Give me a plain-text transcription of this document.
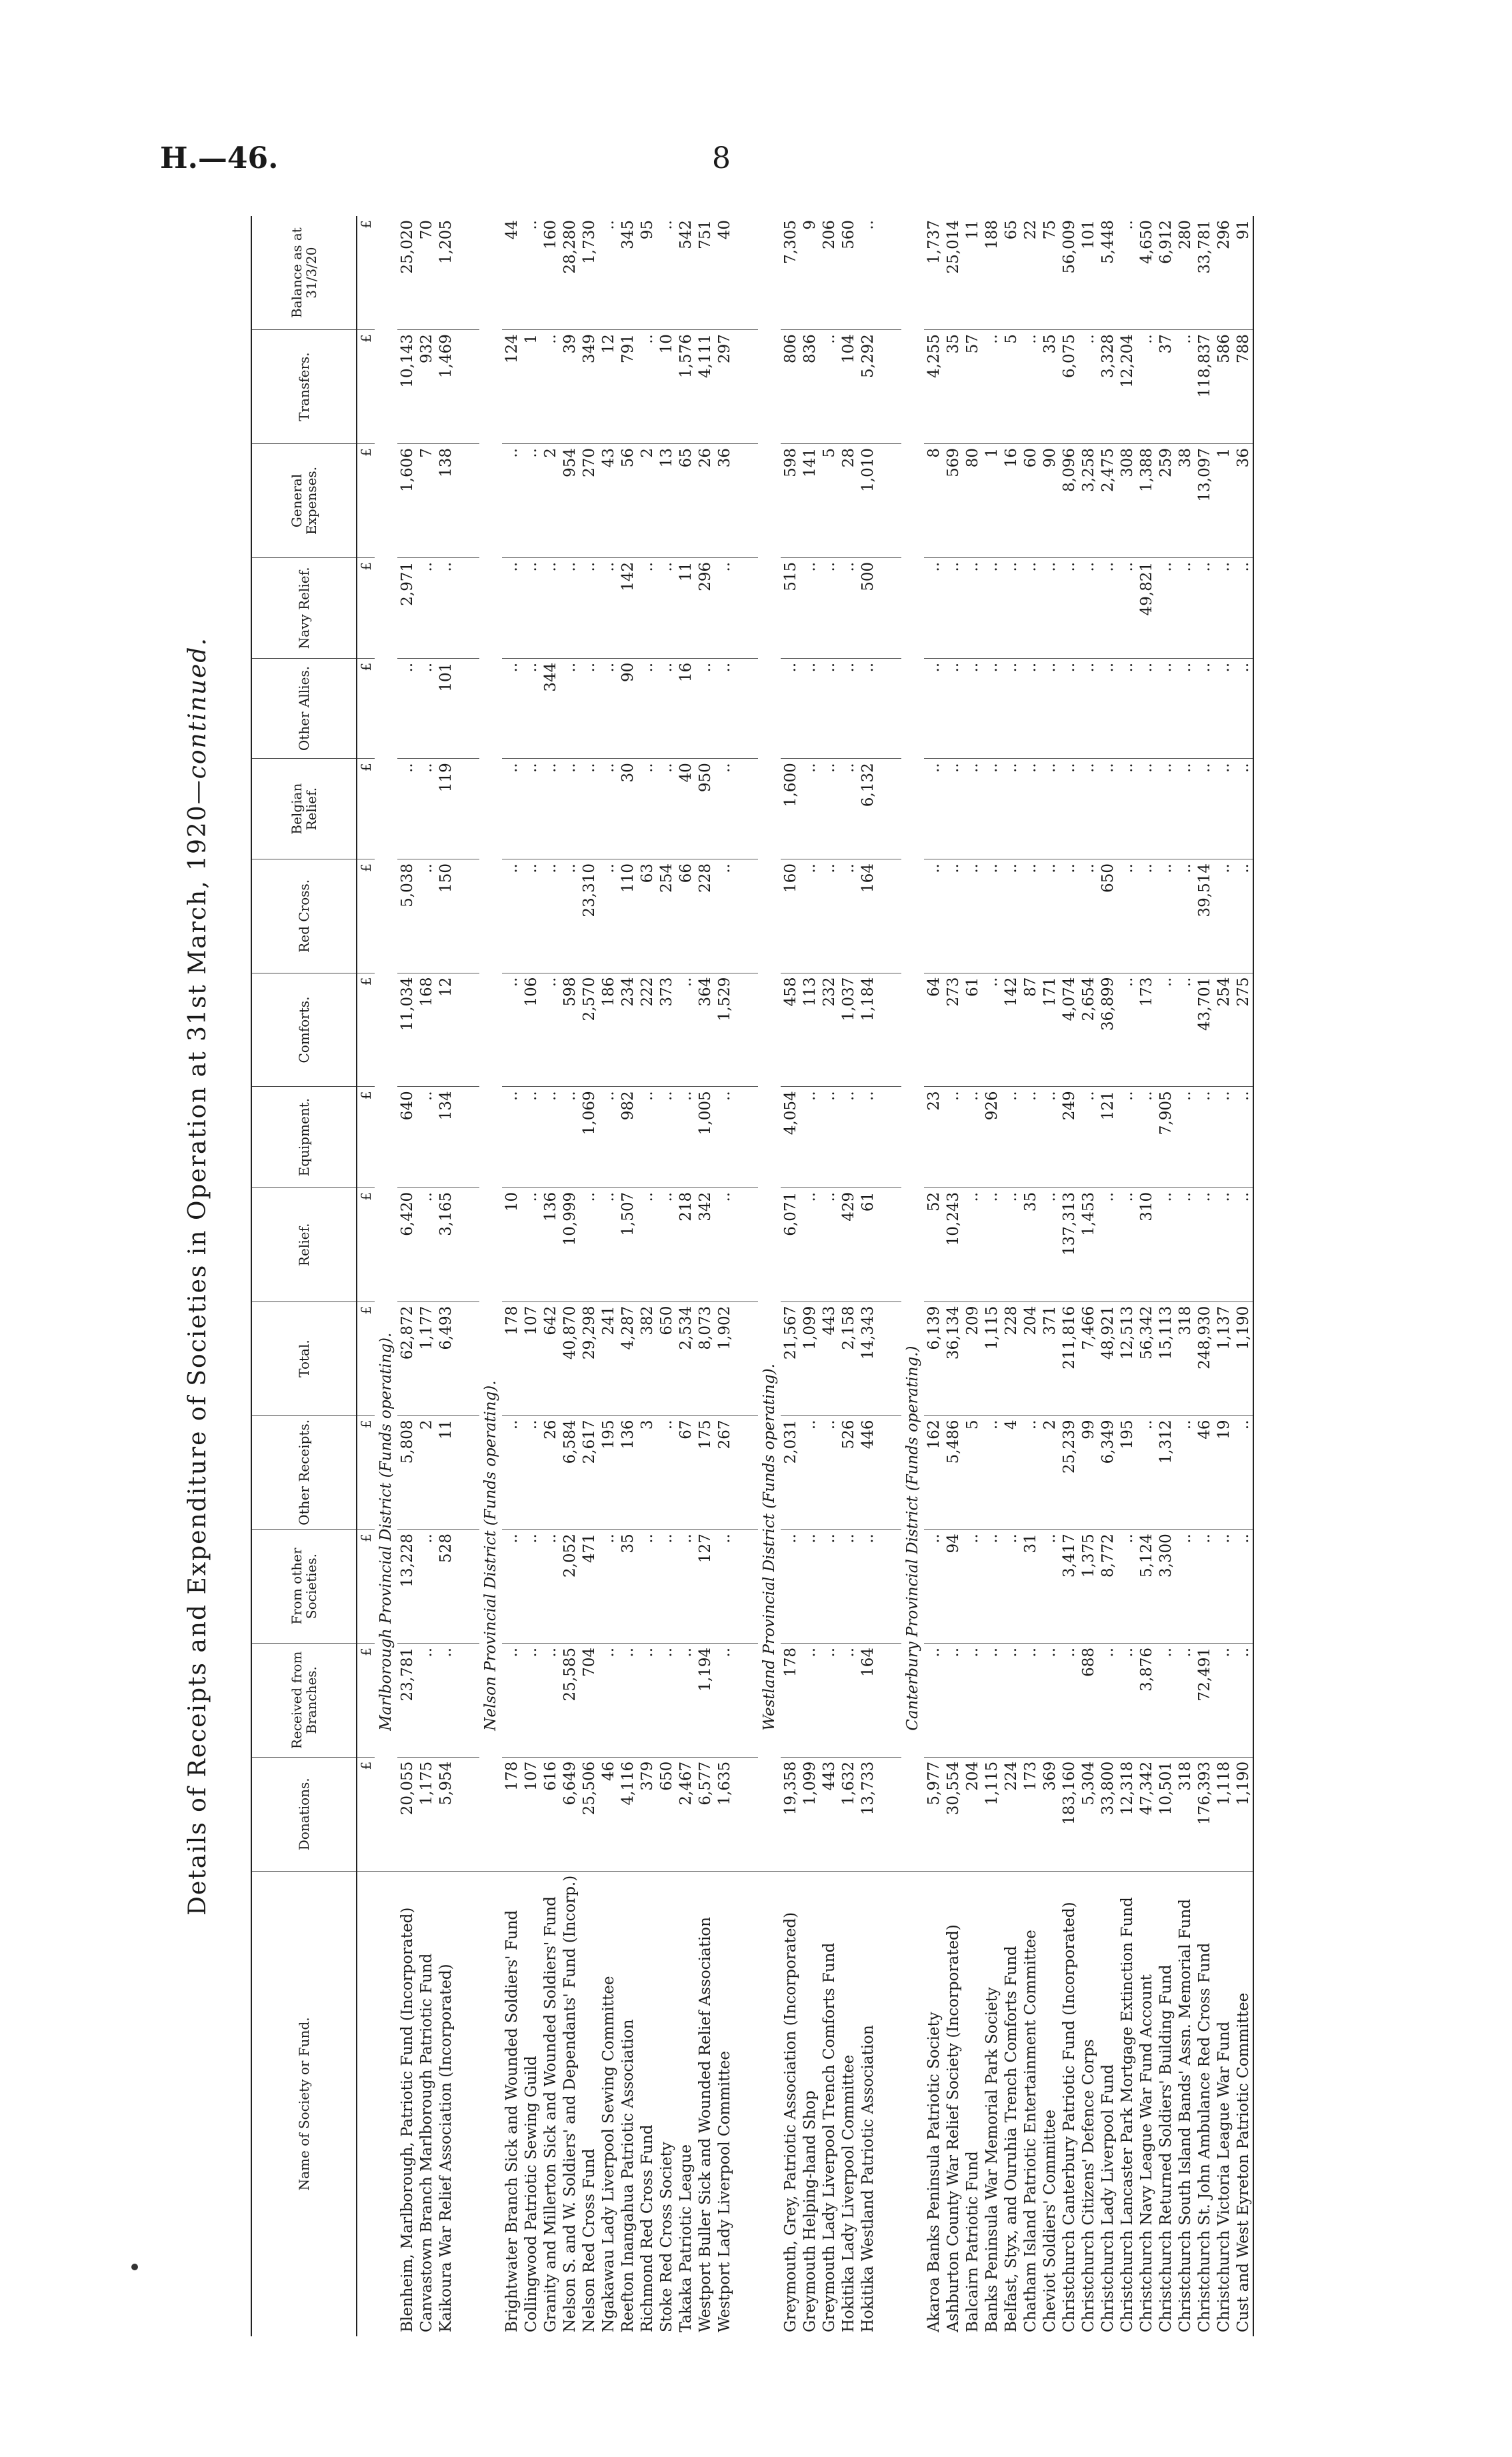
H.—46.	8
Details of Receipts and Expenditure of Societies in Operation at 31st March, 1920—continued.
Name of Society or Fund.	Donations.	Received from Branches.	From other Societies.	Other Receipts.	Total.	Relief.	Equipment.	Comforts.	Red Cross.	Belgian Relief.	Other Allies.	Navy Relief.	General Expenses.	Transfers.	Balance as at 31/3/20
	£	£	£	£	£	£	£	£	£	£	£	£	£	£	£
	Marlborough Provincial District (Funds operating).														
Blenheim, Marlborough, Patriotic Fund (Incorporated)	20,055	23,781	13,228	5,808	62,872	6,420	640	11,034	5,038	..	..	2,971	1,606	10,143	25,020
Canvastown Branch Marlborough Patriotic Fund	1,175	..	..	2	1,177	..	..	168	..	..	..	..	7	932	70
Kaikoura War Relief Association (Incorporated)	5,954	..	528	11	6,493	3,165	134	12	150	119	101	..	138	1,469	1,205

	Nelson Provincial District (Funds operating).														
Brightwater Branch Sick and Wounded Soldiers' Fund	178	..	..	..	178	10	..	..	..	..	..	..	..	124	44
Collingwood Patriotic Sewing Guild	107	..	..	..	107	..	..	106	..	..	..	..	..	1	..
Granity and Millerton Sick and Wounded Soldiers' Fund	616	..	..	26	642	136	..	..	..	..	344	..	2	..	160
Nelson S. and W. Soldiers' and Dependants' Fund (Incorp.)	6,649	25,585	2,052	6,584	40,870	10,999	..	598	..	..	..	..	954	39	28,280
Nelson Red Cross Fund	25,506	704	471	2,617	29,298	..	1,069	2,570	23,310	..	..	..	270	349	1,730
Ngakawau Lady Liverpool Sewing Committee	46	..	..	195	241	..	..	186	..	..	..	..	43	12	..
Reefton Inangahua Patriotic Association	4,116	..	35	136	4,287	1,507	982	234	110	30	90	142	56	791	345
Richmond Red Cross Fund	379	..	..	3	382	..	..	222	63	..	..	..	2	..	95
Stoke Red Cross Society	650	..	..	..	650	..	..	373	254	..	..	..	13	10	..
Takaka Patriotic League	2,467	..	..	67	2,534	218	..	..	66	40	16	11	65	1,576	542
Westport Buller Sick and Wounded Relief Association	6,577	1,194	127	175	8,073	342	1,005	364	228	950	..	296	26	4,111	751
Westport Lady Liverpool Committee	1,635	..	..	267	1,902	..	..	1,529	..	..	..	..	36	297	40

	Westland Provincial District (Funds operating).														
Greymouth, Grey, Patriotic Association (Incorporated)	19,358	178	..	2,031	21,567	6,071	4,054	458	160	1,600	..	515	598	806	7,305
Greymouth Helping-hand Shop	1,099	..	..	..	1,099	..	..	113	..	..	..	..	141	836	9
Greymouth Lady Liverpool Trench Comforts Fund	443	..	..	..	443	..	..	232	..	..	..	..	5	..	206
Hokitika Lady Liverpool Committee	1,632	..	..	526	2,158	429	..	1,037	..	..	..	..	28	104	560
Hokitika Westland Patriotic Association	13,733	164	..	446	14,343	61	..	1,184	164	6,132	..	500	1,010	5,292	..

	Canterbury Provincial District (Funds operating.)														
Akaroa Banks Peninsula Patriotic Society	5,977	..	..	162	6,139	52	23	64	..	..	..	..	8	4,255	1,737
Ashburton County War Relief Society (Incorporated)	30,554	..	94	5,486	36,134	10,243	..	273	..	..	..	..	569	35	25,014
Balcairn Patriotic Fund	204	..	..	5	209	..	..	61	..	..	..	..	80	57	11
Banks Peninsula War Memorial Park Society	1,115	..	..	..	1,115	..	926	..	..	..	..	..	1	..	188
Belfast, Styx, and Ouruhia Trench Comforts Fund	224	..	..	4	228	..	..	142	..	..	..	..	16	5	65
Chatham Island Patriotic Entertainment Committee	173	..	31	..	204	35	..	87	..	..	..	..	60	..	22
Cheviot Soldiers' Committee	369	..	..	2	371	..	..	171	..	..	..	..	90	35	75
Christchurch Canterbury Patriotic Fund (Incorporated)	183,160	..	3,417	25,239	211,816	137,313	249	4,074	..	..	..	..	8,096	6,075	56,009
Christchurch Citizens' Defence Corps	5,304	688	1,375	99	7,466	1,453	..	2,654	..	..	..	..	3,258	..	101
Christchurch Lady Liverpool Fund	33,800	..	8,772	6,349	48,921	..	121	36,899	650	..	..	..	2,475	3,328	5,448
Christchurch Lancaster Park Mortgage Extinction Fund	12,318	..	..	195	12,513	..	..	..	..	..	..	..	308	12,204	..
Christchurch Navy League War Fund Account	47,342	3,876	5,124	..	56,342	310	..	173	..	..	..	49,821	1,388	..	4,650
Christchurch Returned Soldiers' Building Fund	10,501	..	3,300	1,312	15,113	..	7,905	..	..	..	..	..	259	37	6,912
Christchurch South Island Bands' Assn. Memorial Fund	318	..	..	..	318	..	..	..	..	..	..	..	38	..	280
Christchurch St. John Ambulance Red Cross Fund	176,393	72,491	..	46	248,930	..	..	43,701	39,514	..	..	..	13,097	118,837	33,781
Christchurch Victoria League War Fund	1,118	..	..	19	1,137	..	..	254	..	..	..	..	1	586	296
Cust and West Eyreton Patriotic Committee	1,190	..	..	..	1,190	..	..	275	..	..	..	..	36	788	91
